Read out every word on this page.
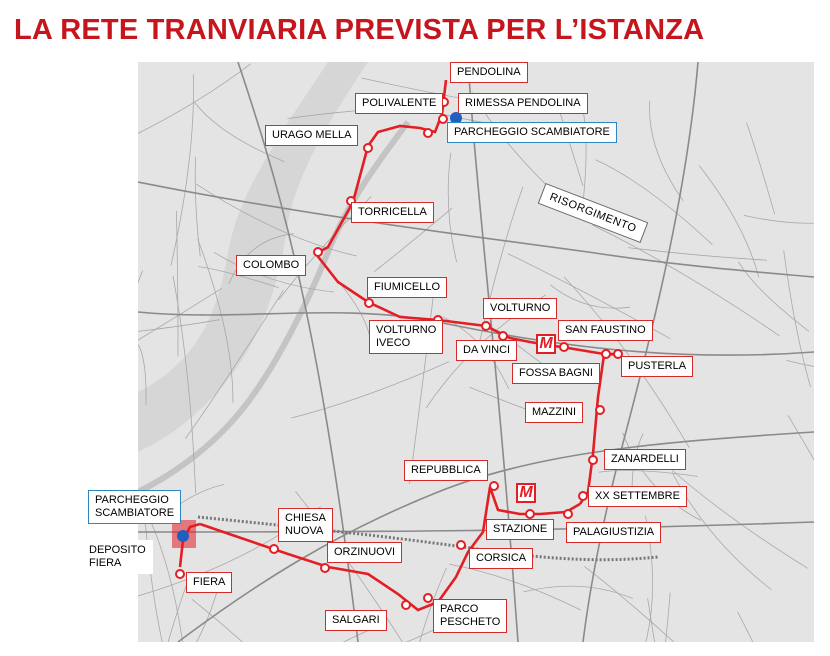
LA RETE TRANVIARIA PREVISTA PER L’ISTANZA
PENDOLINA
RIMESSA PENDOLINA
POLIVALENTE
PARCHEGGIO SCAMBIATORE
URAGO MELLA
RISORGIMENTO
TORRICELLA
COLOMBO
FIUMICELLO
VOLTURNO
VOLTURNO
IVECO
DA VINCI	M
SAN FAUSTINO
FOSSA BAGNI
PUSTERLA
MAZZINI
ZANARDELLI
XX SETTEMBRE
PALAGIUSTIZIA
STAZIONE
M
REPUBBLICA
CORSICA
PARCO
PESCHETO
SALGARI
ORZINUOVI
CHIESA
NUOVA
FIERA
PARCHEGGIO
SCAMBIATORE
DEPOSITO
FIERA
